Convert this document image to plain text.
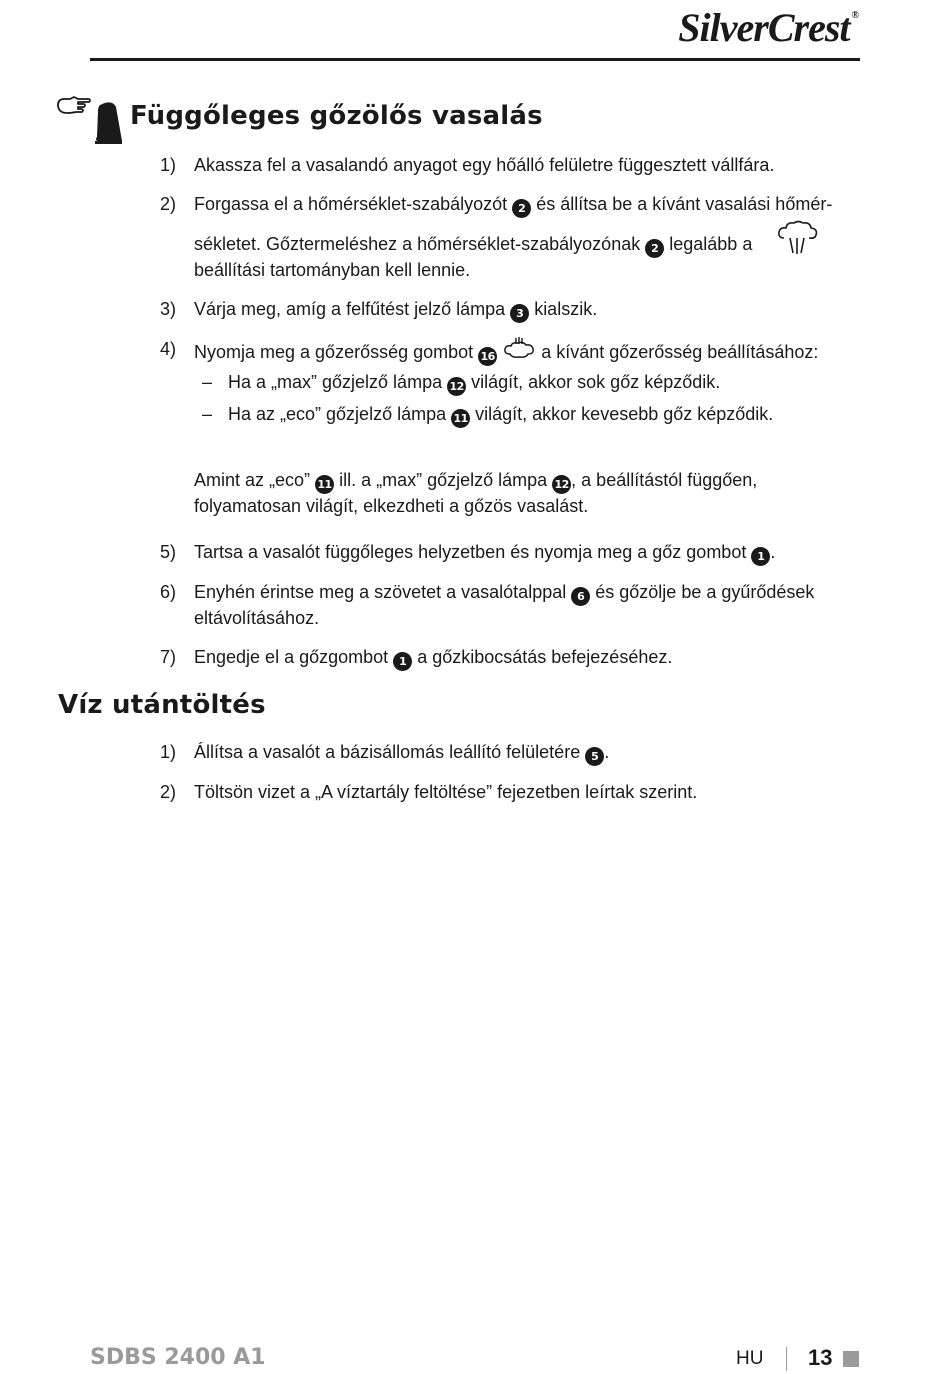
SilverCrest ®
Függőleges gőzölős vasalás
1) Akassza fel a vasalandó anyagot egy hőálló felületre függesztett vállfára.
2) Forgassa el a hőmérséklet-szabályozót 2 és állítsa be a kívánt vasalási hőmér-
sékletet. Gőztermeléshez a hőmérséklet-szabályozónak 2 legalább a
beállítási tartományban kell lennie.
3) Várja meg, amíg a felfűtést jelző lámpa 3 kialszik.
4) Nyomja meg a gőzerősség gombot 16	a kívánt gőzerősség beállításához:
– Ha a „max” gőzjelző lámpa 12 világít, akkor sok gőz képződik.
– Ha az „eco” gőzjelző lámpa 11 világít, akkor kevesebb gőz képződik.
Amint az „eco” 11 ill. a „max” gőzjelző lámpa 12 , a beállítástól függően,
folyamatosan világít, elkezdheti a gőzös vasalást.
5) Tartsa a vasalót függőleges helyzetben és nyomja meg a gőz gombot 1 .
6) Enyhén érintse meg a szövetet a vasalótalppal 6 és gőzölje be a gyűrődések
eltávolításához.
7) Engedje el a gőzgombot 1 a gőzkibocsátás befejezéséhez.
Víz utántöltés
1) Állítsa a vasalót a bázisállomás leállító felületére 5 .
2) Töltsön vizet a „A víztartály feltöltése” fejezetben leírtak szerint.
SDBS 2400 A1	HU 13
